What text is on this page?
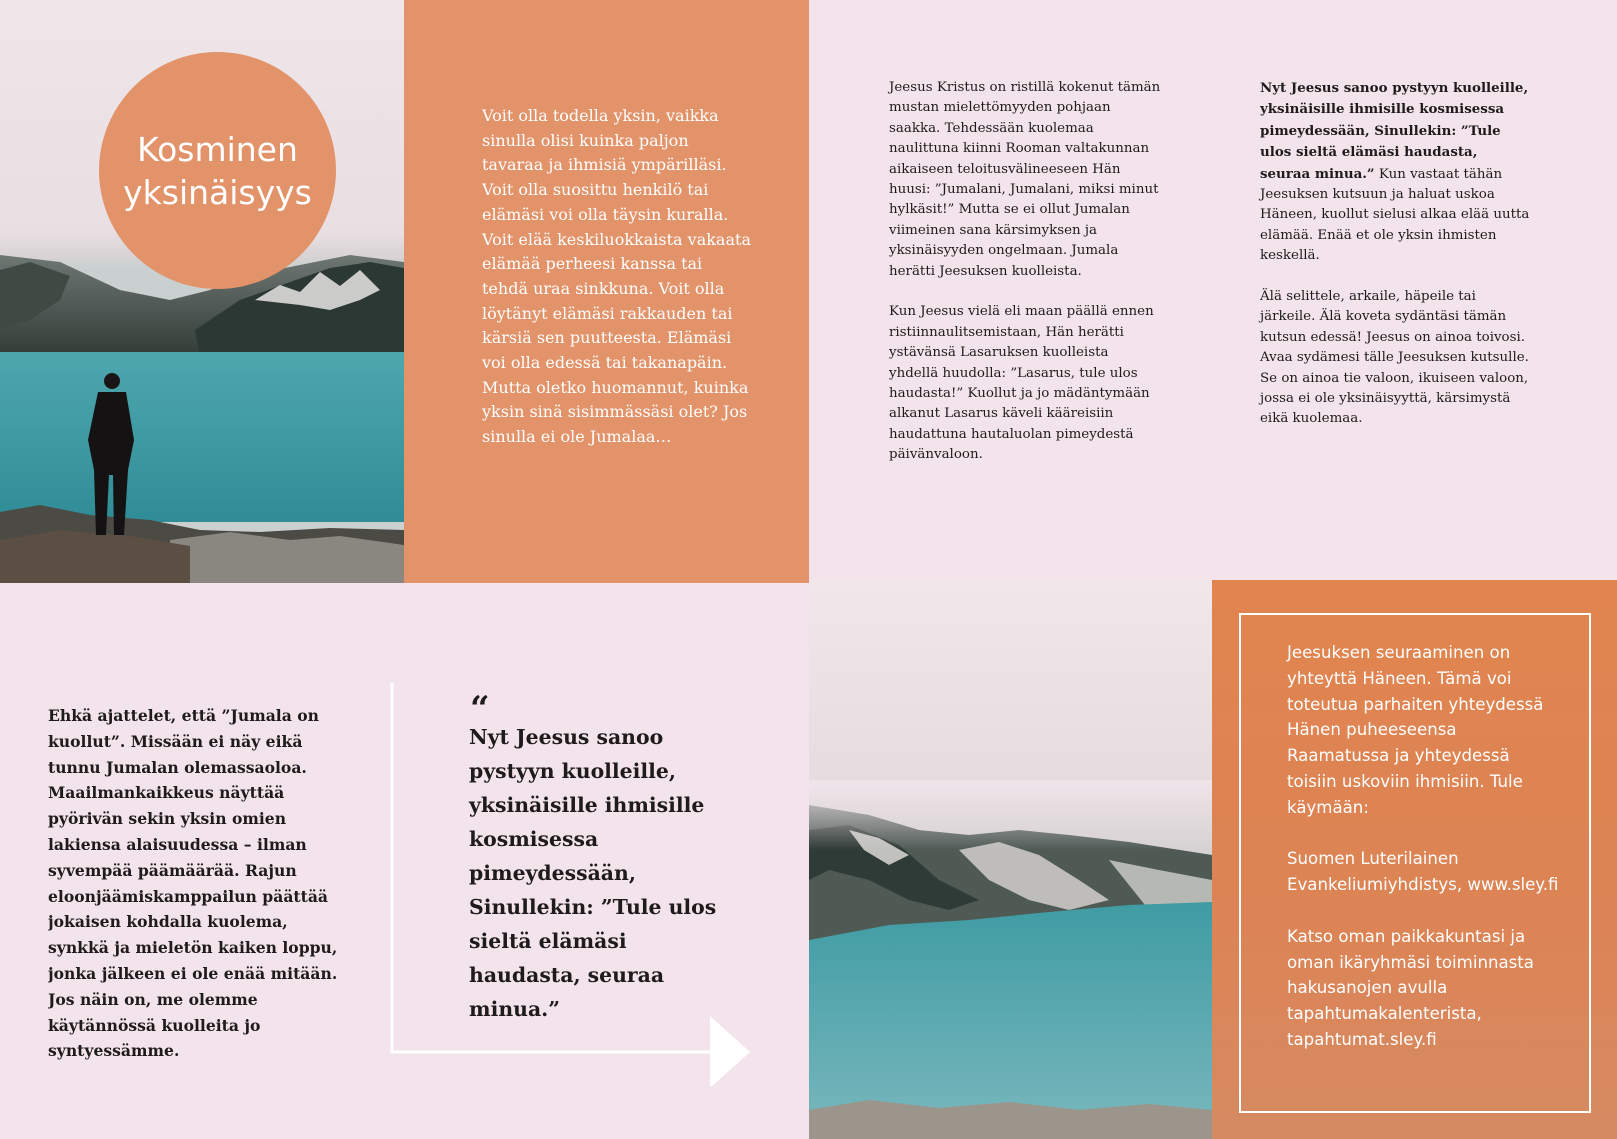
Kosminen
yksinäisyys

Voit olla todella yksin, vaikka sinulla olisi kuinka paljon tavaraa ja ihmisiä ympärilläsi. Voit olla suosittu henkilö tai elämäsi voi olla täysin kuralla. Voit elää keskiluokkaista vakaata elämää perheesi kanssa tai tehdä uraa sinkkuna. Voit olla löytänyt elämäsi rakkauden tai kärsiä sen puutteesta. Elämäsi voi olla edessä tai takanapäin. Mutta oletko huomannut, kuinka yksin sinä sisimmässäsi olet? Jos sinulla ei ole Jumalaa…

Jeesus Kristus on ristillä kokenut tämän mustan mielettömyyden pohjaan saakka. Tehdessään kuolemaa naulittuna kiinni Rooman valtakunnan aikaiseen teloitusvälineeseen Hän huusi: ”Jumalani, Jumalani, miksi minut hylkäsit!” Mutta se ei ollut Jumalan viimeinen sana kärsimyksen ja yksinäisyyden ongelmaan. Jumala herätti Jeesuksen kuolleista.

Kun Jeesus vielä eli maan päällä ennen ristiinnaulitsemistaan, Hän herätti ystävänsä Lasaruksen kuolleista yhdellä huudolla: ”Lasarus, tule ulos haudasta!” Kuollut ja jo mädäntymään alkanut Lasarus käveli kääreisiin haudattuna hautaluolan pimeydestä päivänvaloon.

Nyt Jeesus sanoo pystyyn kuolleille, yksinäisille ihmisille kosmisessa pimeydessään, Sinullekin: ”Tule ulos sieltä elämäsi haudasta, seuraa minua.” Kun vastaat tähän Jeesuksen kutsuun ja haluat uskoa Häneen, kuollut sielusi alkaa elää uutta elämää. Enää et ole yksin ihmisten keskellä.

Älä selittele, arkaile, häpeile tai järkeile. Älä koveta sydäntäsi tämän kutsun edessä! Jeesus on ainoa toivosi. Avaa sydämesi tälle Jeesuksen kutsulle. Se on ainoa tie valoon, ikuiseen valoon, jossa ei ole yksinäisyyttä, kärsimystä eikä kuolemaa.

Ehkä ajattelet, että ”Jumala on kuollut”. Missään ei näy eikä tunnu Jumalan olemassaoloa. Maailmankaikkeus näyttää pyörivän sekin yksin omien lakiensa alaisuudessa – ilman syvempää päämäärää. Rajun eloonjäämiskamppailun päättää jokaisen kohdalla kuolema, synkkä ja mieletön kaiken loppu, jonka jälkeen ei ole enää mitään. Jos näin on, me olemme käytännössä kuolleita jo syntyessämme.

“

Nyt Jeesus sanoo pystyyn kuolleille, yksinäisille ihmisille kosmisessa pimeydessään, Sinullekin: ”Tule ulos sieltä elämäsi haudasta, seuraa minua.”

Jeesuksen seuraaminen on yhteyttä Häneen. Tämä voi toteutua parhaiten yhteydessä Hänen puheeseensa Raamatussa ja yhteydessä toisiin uskoviin ihmisiin. Tule käymään:

Suomen Luterilainen Evankeliumiyhdistys, www.sley.fi

Katso oman paikkakuntasi ja oman ikäryhmäsi toiminnasta hakusanojen avulla tapahtumakalenterista, tapahtumat.sley.fi
